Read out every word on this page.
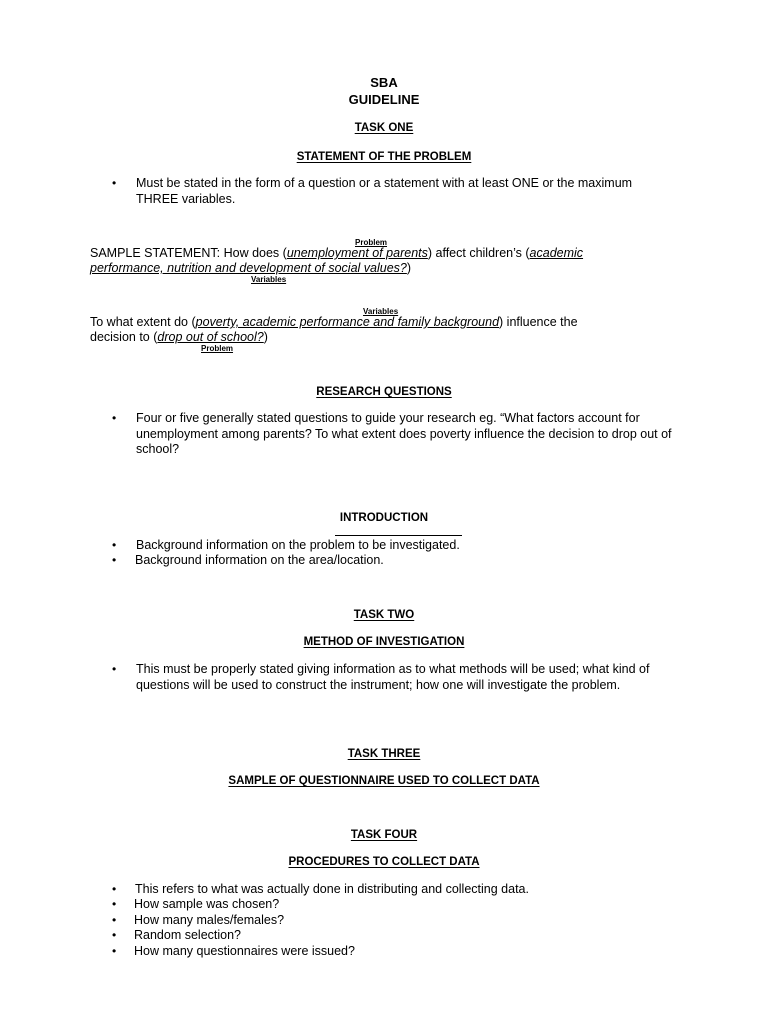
SBA
GUIDELINE
TASK ONE
STATEMENT OF THE PROBLEM
• Must be stated in the form of a question or a statement with at least ONE or the maximum THREE variables.
Problem
SAMPLE STATEMENT: How does (unemployment of parents) affect children’s (academic
performance, nutrition and development of social values?)
Variables
Variables
To what extent do (poverty, academic performance and family background) influence the
decision to (drop out of school?)
Problem
RESEARCH QUESTIONS
• Four or five generally stated questions to guide your research eg. “What factors account for unemployment among parents? To what extent does poverty influence the decision to drop out of school?
INTRODUCTION
• Background information on the problem to be investigated.
• Background information on the area/location.
TASK TWO
METHOD OF INVESTIGATION
• This must be properly stated giving information as to what methods will be used; what kind of questions will be used to construct the instrument; how one will investigate the problem.
TASK THREE
SAMPLE OF QUESTIONNAIRE USED TO COLLECT DATA
TASK FOUR
PROCEDURES TO COLLECT DATA
• This refers to what was actually done in distributing and collecting data.
• How sample was chosen?
• How many males/females?
• Random selection?
• How many questionnaires were issued?
